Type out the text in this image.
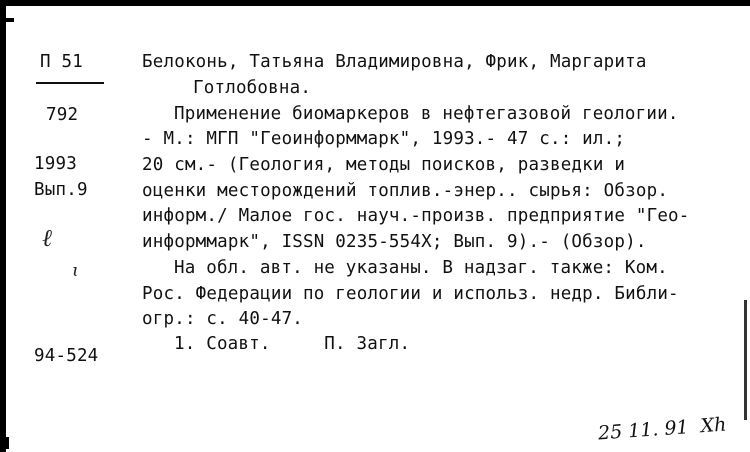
П 51
792
1993
Вып.9
ℓ
ɩ
94-524
Белоконь, Татьяна Владимировна, Фрик, Маргарита
Готлобовна.
Применение биомаркеров в нефтегазовой геологии.
- М.: МГП "Геоинформмарк", 1993.- 47 с.: ил.;
20 см.- (Геология, методы поисков, разведки и
оценки месторождений топлив.-энер.. сырья: Обзор.
информ./ Малое гос. науч.-произв. предприятие "Гео-
информмарк", ISSN 0235-554X; Вып. 9).- (Обзор).
На обл. авт. не указаны. В надзаг. также: Ком.
Рос. Федерации по геологии и использ. недр. Библи-
огр.: с. 40-47.
1. Соавт.     П. Загл.
25 11. 91  Xh
